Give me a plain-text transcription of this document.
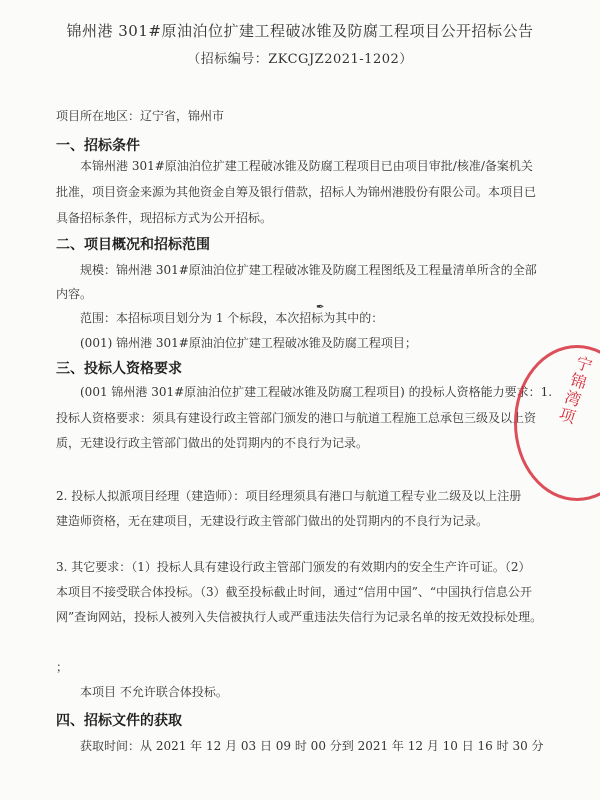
锦州港 301#原油泊位扩建工程破冰锥及防腐工程项目公开招标公告
（招标编号：ZKCGJZ2021-1202）
项目所在地区：辽宁省，锦州市
一、招标条件
本锦州港 301#原油泊位扩建工程破冰锥及防腐工程项目已由项目审批/核准/备案机关
批准，项目资金来源为其他资金自筹及银行借款，招标人为锦州港股份有限公司。本项目已
具备招标条件，现招标方式为公开招标。
二、项目概况和招标范围
规模：锦州港 301#原油泊位扩建工程破冰锥及防腐工程图纸及工程量清单所含的全部
内容。
范围：本招标项目划分为 1 个标段，本次招标为其中的：
✒
(001) 锦州港 301#原油泊位扩建工程破冰锥及防腐工程项目；
三、投标人资格要求
(001 锦州港 301#原油泊位扩建工程破冰锥及防腐工程项目) 的投标人资格能力要求：1.
投标人资格要求：须具有建设行政主管部门颁发的港口与航道工程施工总承包三级及以上资
质，无建设行政主管部门做出的处罚期内的不良行为记录。
2. 投标人拟派项目经理（建造师）：项目经理须具有港口与航道工程专业二级及以上注册
建造师资格，无在建项目，无建设行政主管部门做出的处罚期内的不良行为记录。
3. 其它要求：（1）投标人具有建设行政主管部门颁发的有效期内的安全生产许可证。（2）
本项目不接受联合体投标。（3）截至投标截止时间，通过“信用中国”、“中国执行信息公开
网”查询网站，投标人被列入失信被执行人或严重违法失信行为记录名单的按无效投标处理。
；
本项目 不允许联合体投标。
四、招标文件的获取
获取时间：从 2021 年 12 月 03 日 09 时 00 分到 2021 年 12 月 10 日 16 时 30 分
宁锦湾项
